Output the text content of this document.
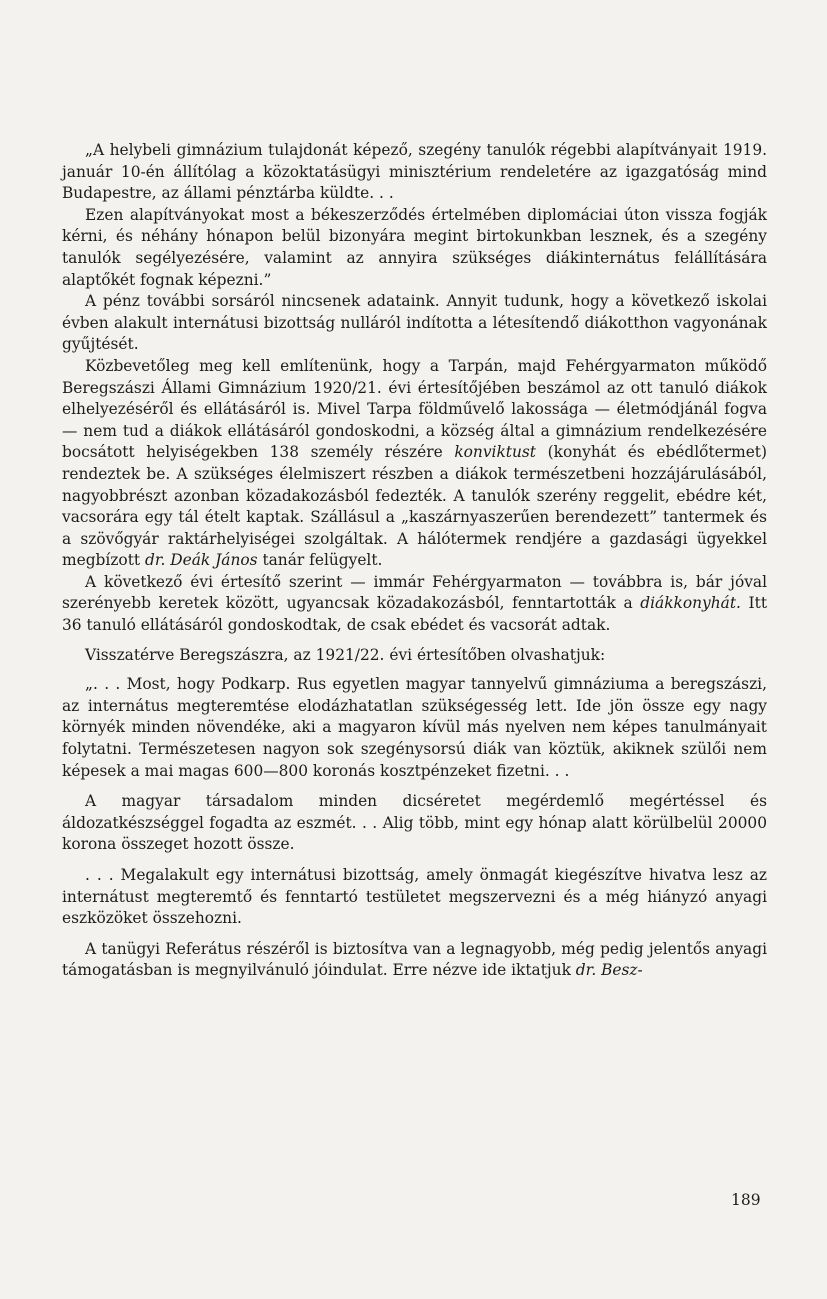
„A helybeli gimnázium tulajdonát képező, szegény tanulók régebbi alapítványait 1919. január 10-én állítólag a közoktatásügyi minisztérium rendeletére az igazgatóság mind Budapestre, az állami pénztárba küldte. . .

Ezen alapítványokat most a békeszerződés értelmében diplomáciai úton vissza fogják kérni, és néhány hónapon belül bizonyára megint birtokunkban lesznek, és a szegény tanulók segélyezésére, valamint az annyira szükséges diákinternátus felállítására alaptőkét fognak képezni.”

A pénz további sorsáról nincsenek adataink. Annyit tudunk, hogy a következő iskolai évben alakult internátusi bizottság nulláról indította a létesítendő diákotthon vagyonának gyűjtését.

Közbevetőleg meg kell említenünk, hogy a Tarpán, majd Fehérgyarmaton működő Beregszászi Állami Gimnázium 1920/21. évi értesítőjében beszámol az ott tanuló diákok elhelyezéséről és ellátásáról is. Mivel Tarpa földművelő lakossága — életmódjánál fogva — nem tud a diákok ellátásáról gondoskodni, a község által a gimnázium rendelkezésére bocsátott helyiségekben 138 személy részére konviktust (konyhát és ebédlőtermet) rendeztek be. A szükséges élelmiszert részben a diákok természetbeni hozzájárulásából, nagyobbrészt azonban közadakozásból fedezték. A tanulók szerény reggelit, ebédre két, vacsorára egy tál ételt kaptak. Szállásul a „kaszárnyaszerűen berendezett” tantermek és a szövőgyár raktárhelyiségei szolgáltak. A hálótermek rendjére a gazdasági ügyekkel megbízott dr. Deák János tanár felügyelt.

A következő évi értesítő szerint — immár Fehérgyarmaton — továbbra is, bár jóval szerényebb keretek között, ugyancsak közadakozásból, fenntartották a diákkonyhát. Itt 36 tanuló ellátásáról gondoskodtak, de csak ebédet és vacsorát adtak.

Visszatérve Beregszászra, az 1921/22. évi értesítőben olvashatjuk:

„. . . Most, hogy Podkarp. Rus egyetlen magyar tannyelvű gimnáziuma a beregszászi, az internátus megteremtése elodázhatatlan szükségesség lett. Ide jön össze egy nagy környék minden növendéke, aki a magyaron kívül más nyelven nem képes tanulmányait folytatni. Természetesen nagyon sok szegénysorsú diák van köztük, akiknek szülői nem képesek a mai magas 600—800 koronás kosztpénzeket fizetni. . .

A magyar társadalom minden dicséretet megérdemlő megértéssel és áldozatkészséggel fogadta az eszmét. . . Alig több, mint egy hónap alatt körülbelül 20000 korona összeget hozott össze.

. . . Megalakult egy internátusi bizottság, amely önmagát kiegészítve hivatva lesz az internátust megteremtő és fenntartó testületet megszervezni és a még hiányzó anyagi eszközöket összehozni.

A tanügyi Referátus részéről is biztosítva van a legnagyobb, még pedig jelentős anyagi támogatásban is megnyilvánuló jóindulat. Erre nézve ide iktatjuk dr. Besz-

189
